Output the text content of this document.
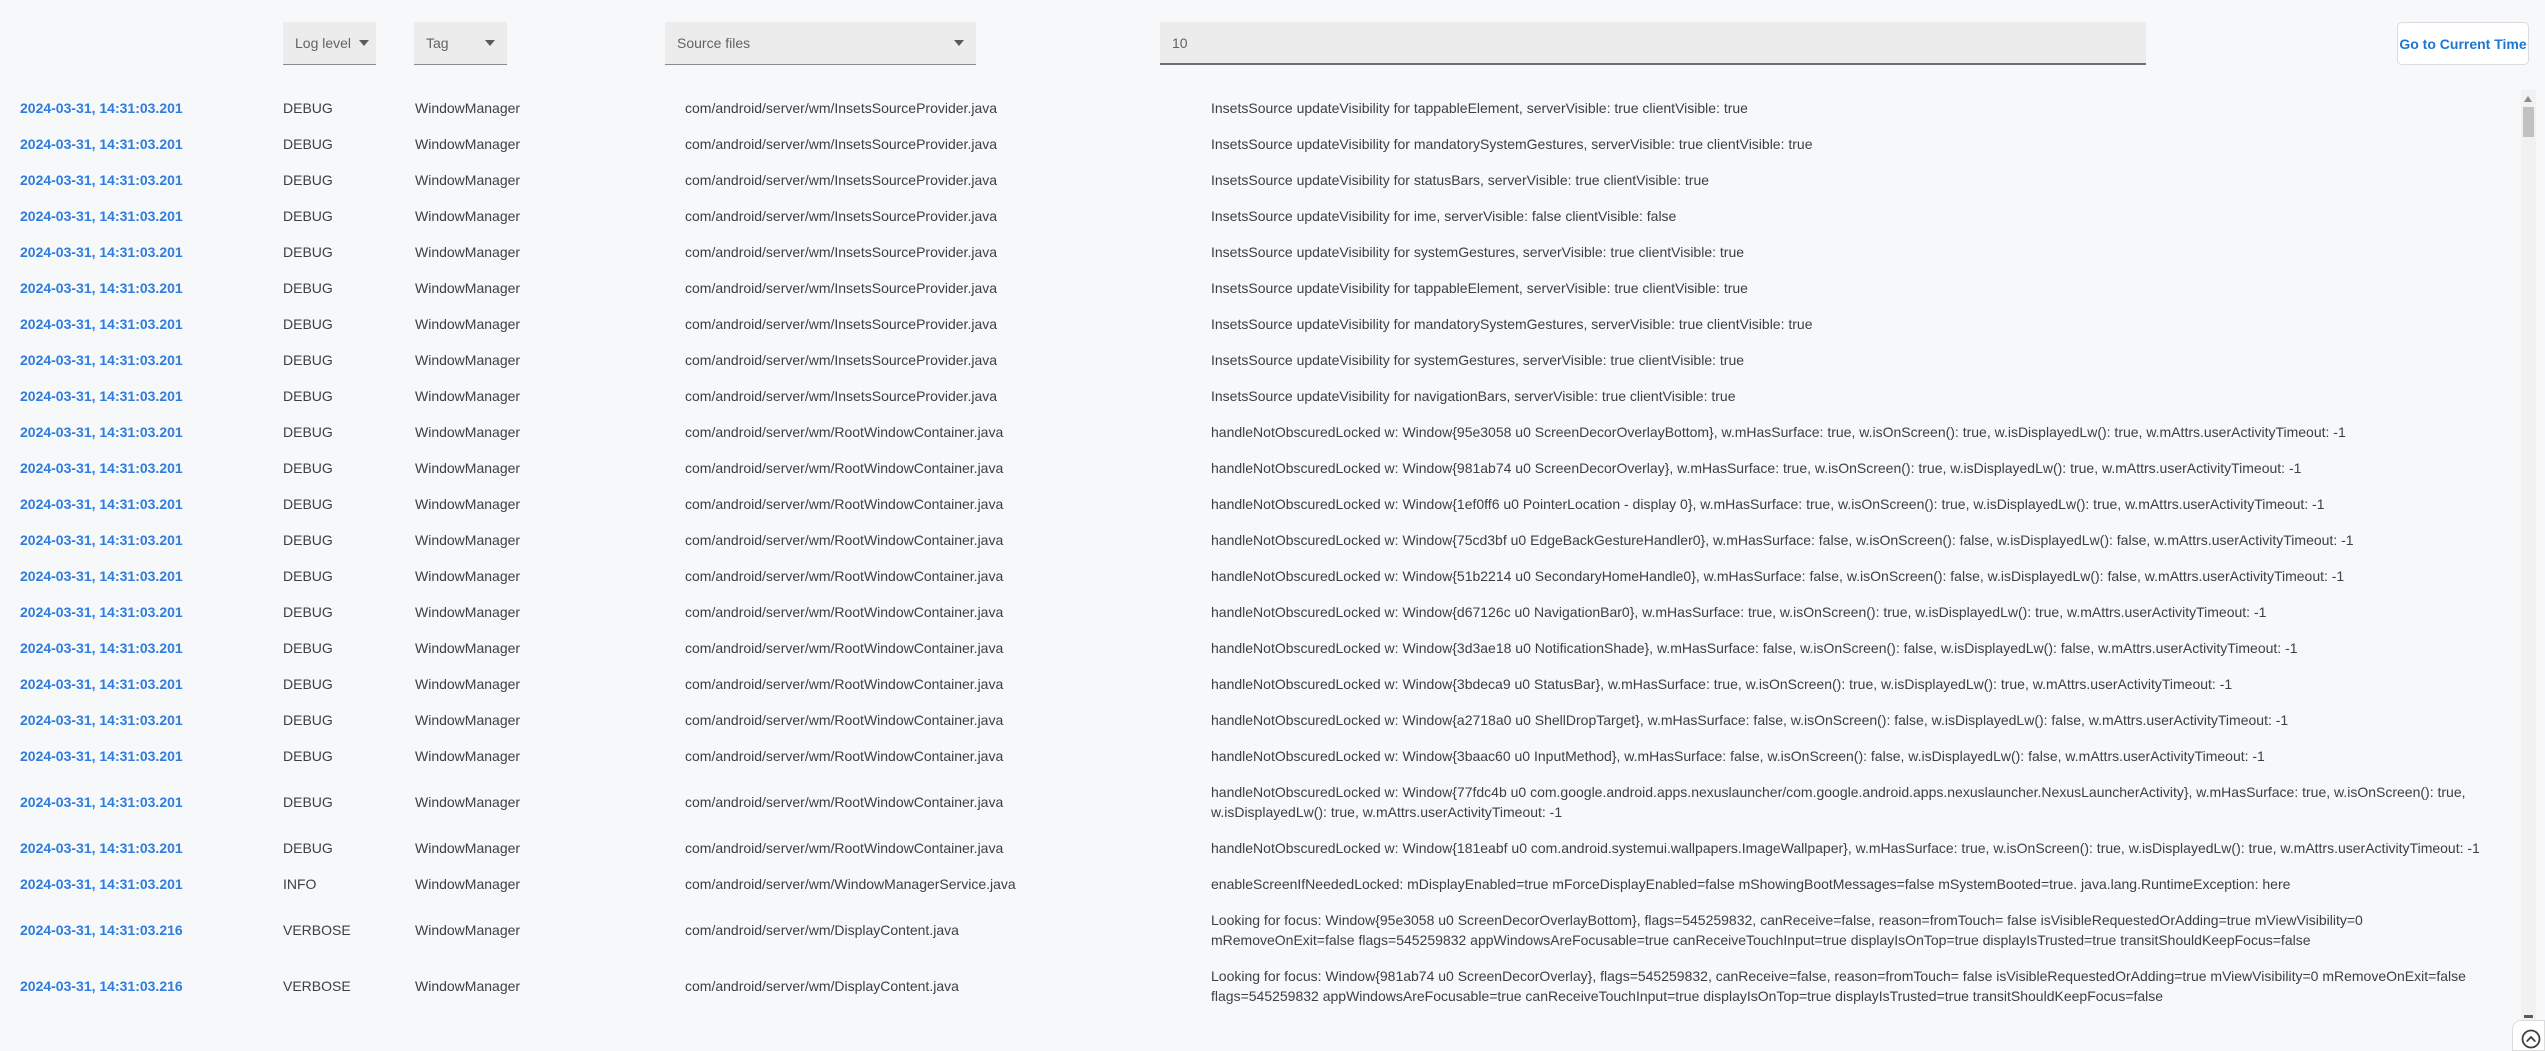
Log level	Tag	Source files
10	Go to Current Time
2024-03-31, 14:31:03.201	DEBUG	WindowManager	com/android/server/wm/InsetsSourceProvider.java	InsetsSource updateVisibility for tappableElement, serverVisible: true clientVisible: true
2024-03-31, 14:31:03.201	DEBUG	WindowManager	com/android/server/wm/InsetsSourceProvider.java	InsetsSource updateVisibility for mandatorySystemGestures, serverVisible: true clientVisible: true
2024-03-31, 14:31:03.201	DEBUG	WindowManager	com/android/server/wm/InsetsSourceProvider.java	InsetsSource updateVisibility for statusBars, serverVisible: true clientVisible: true
2024-03-31, 14:31:03.201	DEBUG	WindowManager	com/android/server/wm/InsetsSourceProvider.java	InsetsSource updateVisibility for ime, serverVisible: false clientVisible: false
2024-03-31, 14:31:03.201	DEBUG	WindowManager	com/android/server/wm/InsetsSourceProvider.java	InsetsSource updateVisibility for systemGestures, serverVisible: true clientVisible: true
2024-03-31, 14:31:03.201	DEBUG	WindowManager	com/android/server/wm/InsetsSourceProvider.java	InsetsSource updateVisibility for tappableElement, serverVisible: true clientVisible: true
2024-03-31, 14:31:03.201	DEBUG	WindowManager	com/android/server/wm/InsetsSourceProvider.java	InsetsSource updateVisibility for mandatorySystemGestures, serverVisible: true clientVisible: true
2024-03-31, 14:31:03.201	DEBUG	WindowManager	com/android/server/wm/InsetsSourceProvider.java	InsetsSource updateVisibility for systemGestures, serverVisible: true clientVisible: true
2024-03-31, 14:31:03.201	DEBUG	WindowManager	com/android/server/wm/InsetsSourceProvider.java	InsetsSource updateVisibility for navigationBars, serverVisible: true clientVisible: true
2024-03-31, 14:31:03.201	DEBUG	WindowManager	com/android/server/wm/RootWindowContainer.java	handleNotObscuredLocked w: Window{95e3058 u0 ScreenDecorOverlayBottom}, w.mHasSurface: true, w.isOnScreen(): true, w.isDisplayedLw(): true, w.mAttrs.userActivityTimeout: -1
2024-03-31, 14:31:03.201	DEBUG	WindowManager	com/android/server/wm/RootWindowContainer.java	handleNotObscuredLocked w: Window{981ab74 u0 ScreenDecorOverlay}, w.mHasSurface: true, w.isOnScreen(): true, w.isDisplayedLw(): true, w.mAttrs.userActivityTimeout: -1
2024-03-31, 14:31:03.201	DEBUG	WindowManager	com/android/server/wm/RootWindowContainer.java	handleNotObscuredLocked w: Window{1ef0ff6 u0 PointerLocation - display 0}, w.mHasSurface: true, w.isOnScreen(): true, w.isDisplayedLw(): true, w.mAttrs.userActivityTimeout: -1
2024-03-31, 14:31:03.201	DEBUG	WindowManager	com/android/server/wm/RootWindowContainer.java	handleNotObscuredLocked w: Window{75cd3bf u0 EdgeBackGestureHandler0}, w.mHasSurface: false, w.isOnScreen(): false, w.isDisplayedLw(): false, w.mAttrs.userActivityTimeout: -1
2024-03-31, 14:31:03.201	DEBUG	WindowManager	com/android/server/wm/RootWindowContainer.java	handleNotObscuredLocked w: Window{51b2214 u0 SecondaryHomeHandle0}, w.mHasSurface: false, w.isOnScreen(): false, w.isDisplayedLw(): false, w.mAttrs.userActivityTimeout: -1
2024-03-31, 14:31:03.201	DEBUG	WindowManager	com/android/server/wm/RootWindowContainer.java	handleNotObscuredLocked w: Window{d67126c u0 NavigationBar0}, w.mHasSurface: true, w.isOnScreen(): true, w.isDisplayedLw(): true, w.mAttrs.userActivityTimeout: -1
2024-03-31, 14:31:03.201	DEBUG	WindowManager	com/android/server/wm/RootWindowContainer.java	handleNotObscuredLocked w: Window{3d3ae18 u0 NotificationShade}, w.mHasSurface: false, w.isOnScreen(): false, w.isDisplayedLw(): false, w.mAttrs.userActivityTimeout: -1
2024-03-31, 14:31:03.201	DEBUG	WindowManager	com/android/server/wm/RootWindowContainer.java	handleNotObscuredLocked w: Window{3bdeca9 u0 StatusBar}, w.mHasSurface: true, w.isOnScreen(): true, w.isDisplayedLw(): true, w.mAttrs.userActivityTimeout: -1
2024-03-31, 14:31:03.201	DEBUG	WindowManager	com/android/server/wm/RootWindowContainer.java	handleNotObscuredLocked w: Window{a2718a0 u0 ShellDropTarget}, w.mHasSurface: false, w.isOnScreen(): false, w.isDisplayedLw(): false, w.mAttrs.userActivityTimeout: -1
2024-03-31, 14:31:03.201	DEBUG	WindowManager	com/android/server/wm/RootWindowContainer.java	handleNotObscuredLocked w: Window{3baac60 u0 InputMethod}, w.mHasSurface: false, w.isOnScreen(): false, w.isDisplayedLw(): false, w.mAttrs.userActivityTimeout: -1
2024-03-31, 14:31:03.201	DEBUG	WindowManager	com/android/server/wm/RootWindowContainer.java
handleNotObscuredLocked w: Window{77fdc4b u0 com.google.android.apps.nexuslauncher/com.google.android.apps.nexuslauncher.NexusLauncherActivity}, w.mHasSurface: true, w.isOnScreen(): true, w.isDisplayedLw(): true, w.mAttrs.userActivityTimeout: -1
2024-03-31, 14:31:03.201	DEBUG	WindowManager	com/android/server/wm/RootWindowContainer.java	handleNotObscuredLocked w: Window{181eabf u0 com.android.systemui.wallpapers.ImageWallpaper}, w.mHasSurface: true, w.isOnScreen(): true, w.isDisplayedLw(): true, w.mAttrs.userActivityTimeout: -1
2024-03-31, 14:31:03.201	INFO	WindowManager	com/android/server/wm/WindowManagerService.java	enableScreenIfNeededLocked: mDisplayEnabled=true mForceDisplayEnabled=false mShowingBootMessages=false mSystemBooted=true. java.lang.RuntimeException: here
2024-03-31, 14:31:03.216	VERBOSE	WindowManager	com/android/server/wm/DisplayContent.java
Looking for focus: Window{95e3058 u0 ScreenDecorOverlayBottom}, flags=545259832, canReceive=false, reason=fromTouch= false isVisibleRequestedOrAdding=true mViewVisibility=0 mRemoveOnExit=false flags=545259832 appWindowsAreFocusable=true canReceiveTouchInput=true displayIsOnTop=true displayIsTrusted=true transitShouldKeepFocus=false
2024-03-31, 14:31:03.216	VERBOSE	WindowManager	com/android/server/wm/DisplayContent.java
Looking for focus: Window{981ab74 u0 ScreenDecorOverlay}, flags=545259832, canReceive=false, reason=fromTouch= false isVisibleRequestedOrAdding=true mViewVisibility=0 mRemoveOnExit=false flags=545259832 appWindowsAreFocusable=true canReceiveTouchInput=true displayIsOnTop=true displayIsTrusted=true transitShouldKeepFocus=false
